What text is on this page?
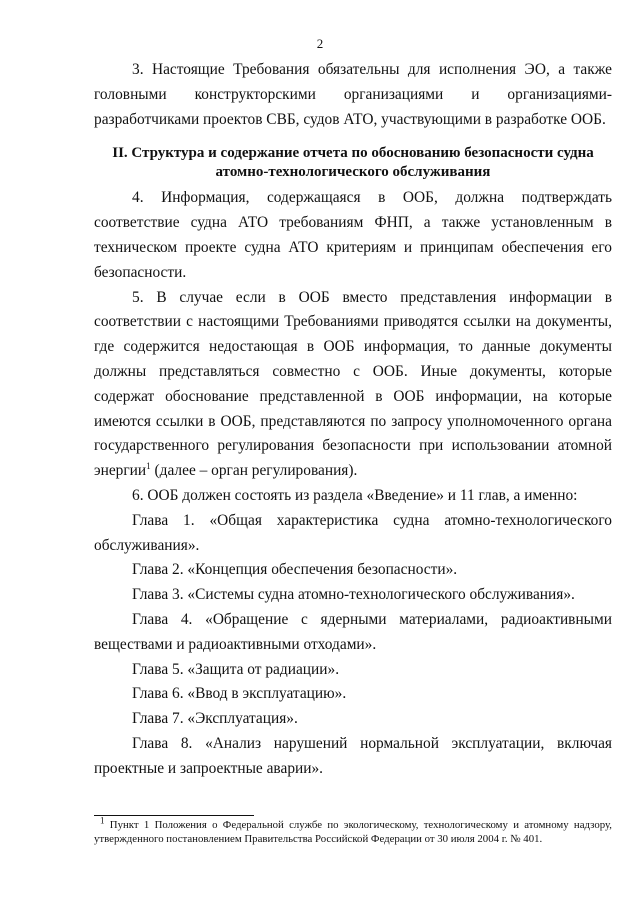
2

3. Настоящие Требования обязательны для исполнения ЭО, а также головными конструкторскими организациями и организациями-разработчиками проектов СВБ, судов АТО, участвующими в разработке ООБ.

II. Структура и содержание отчета по обоснованию безопасности судна атомно-технологического обслуживания

4. Информация, содержащаяся в ООБ, должна подтверждать соответствие судна АТО требованиям ФНП, а также установленным в техническом проекте судна АТО критериям и принципам обеспечения его безопасности.

5. В случае если в ООБ вместо представления информации в соответствии с настоящими Требованиями приводятся ссылки на документы, где содержится недостающая в ООБ информация, то данные документы должны представляться совместно с ООБ. Иные документы, которые содержат обоснование представленной в ООБ информации, на которые имеются ссылки в ООБ, представляются по запросу уполномоченного органа государственного регулирования безопасности при использовании атомной энергии$^1$ (далее – орган регулирования).

6. ООБ должен состоять из раздела «Введение» и 11 глав, а именно:

Глава 1. «Общая характеристика судна атомно-технологического обслуживания».

Глава 2. «Концепция обеспечения безопасности».

Глава 3. «Системы судна атомно-технологического обслуживания».

Глава 4. «Обращение с ядерными материалами, радиоактивными веществами и радиоактивными отходами».

Глава 5. «Защита от радиации».

Глава 6. «Ввод в эксплуатацию».

Глава 7. «Эксплуатация».

Глава 8. «Анализ нарушений нормальной эксплуатации, включая проектные и запроектные аварии».

$^1$ Пункт 1 Положения о Федеральной службе по экологическому, технологическому и атомному надзору, утвержденного постановлением Правительства Российской Федерации от 30 июля 2004 г. № 401.
